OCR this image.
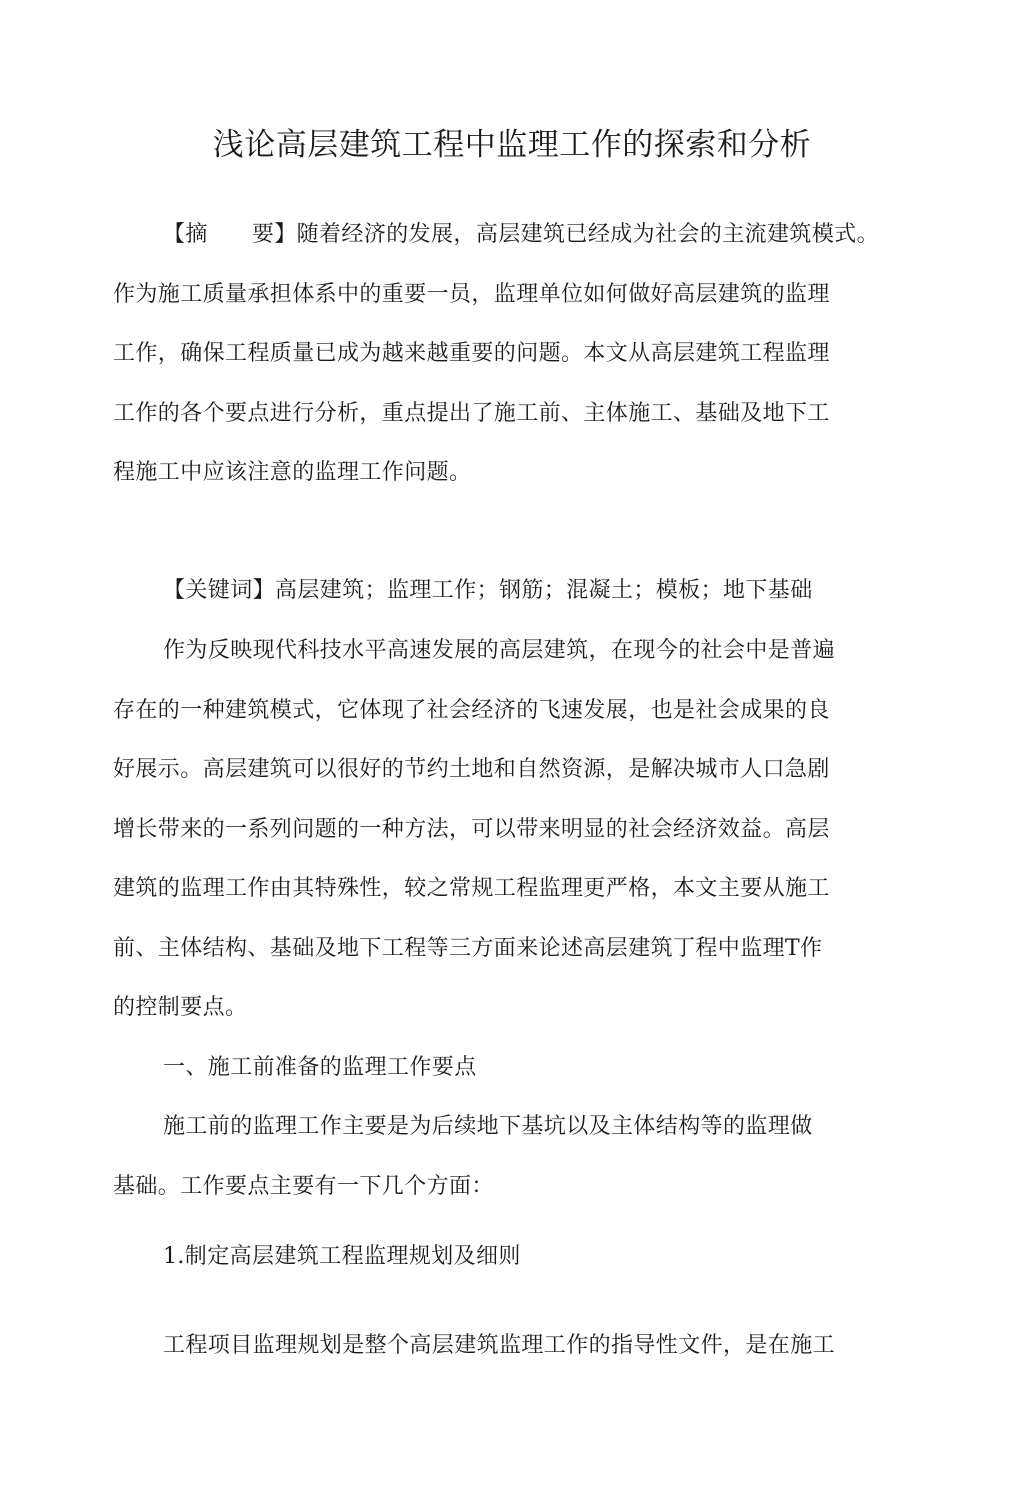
浅论高层建筑工程中监理工作的探索和分析
【摘 要】随着经济的发展，高层建筑已经成为社会的主流建筑模式。
作为施工质量承担体系中的重要一员，监理单位如何做好高层建筑的监理
工作，确保工程质量已成为越来越重要的问题。本文从高层建筑工程监理
工作的各个要点进行分析，重点提出了施工前、主体施工、基础及地下工
程施工中应该注意的监理工作问题。
【关键词】高层建筑；监理工作；钢筋；混凝土；模板；地下基础
作为反映现代科技水平高速发展的高层建筑，在现今的社会中是普遍
存在的一种建筑模式，它体现了社会经济的飞速发展，也是社会成果的良
好展示。高层建筑可以很好的节约土地和自然资源，是解决城市人口急剧
增长带来的一系列问题的一种方法，可以带来明显的社会经济效益。高层
建筑的监理工作由其特殊性，较之常规工程监理更严格，本文主要从施工
前、主体结构、基础及地下工程等三方面来论述高层建筑丁程中监理T作
的控制要点。
一、施工前准备的监理工作要点
施工前的监理工作主要是为后续地下基坑以及主体结构等的监理做
基础。工作要点主要有一下几个方面：
1.制定高层建筑工程监理规划及细则
工程项目监理规划是整个高层建筑监理工作的指导性文件，是在施工
